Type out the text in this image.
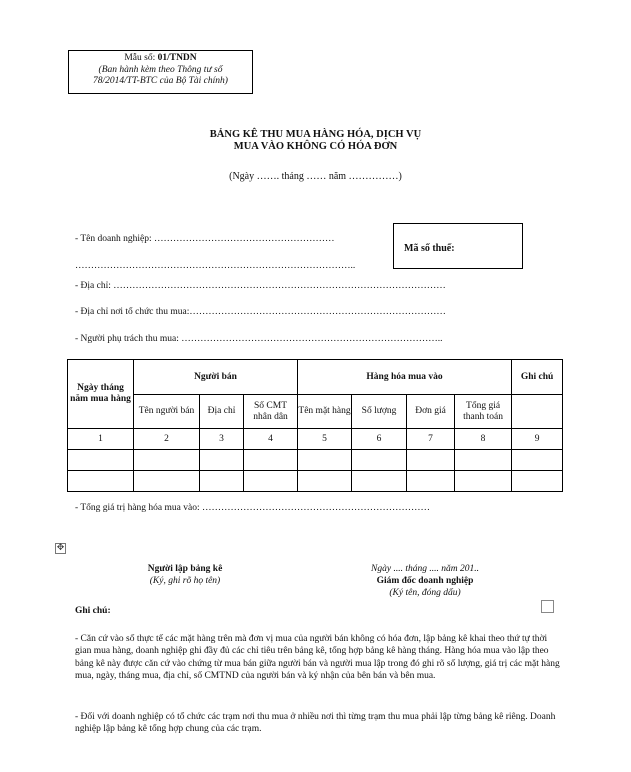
Mẫu số: 01/TNDN
(Ban hành kèm theo Thông tư số
78/2014/TT-BTC của Bộ Tài chính)
BẢNG KÊ THU MUA HÀNG HÓA, DỊCH VỤ
MUA VÀO KHÔNG CÓ HÓA ĐƠN
(Ngày ……. tháng …… năm ……………)
- Tên doanh nghiệp: …………………………………………………
……………………………………………………………………………..
Mã số thuế:
- Địa chỉ: ……………………………………………………………………………………………
- Địa chỉ nơi tổ chức thu mua:………………………………………………………………………
- Người phụ trách thu mua: ………………………………………………………………………..
Ngày tháng năm mua hàng	Người bán			Hàng hóa mua vào				Ghi chú
	Tên người bán	Địa chỉ	Số CMT nhân dân	Tên mặt hàng	Số lượng	Đơn giá	Tổng giá thanh toán	
1	2	3	4	5	6	7	8	9

- Tổng giá trị hàng hóa mua vào: ………………………………………………………………
✥
Người lập bảng kê
(Ký, ghi rõ họ tên)
Ngày .... tháng .... năm 201..
Giám đốc doanh nghiệp
(Ký tên, đóng dấu)
Ghi chú:
- Căn cứ vào số thực tế các mặt hàng trên mà đơn vị mua của người bán không có hóa đơn, lập bảng kê khai theo thứ tự thời gian mua hàng, doanh nghiệp ghi đầy đủ các chỉ tiêu trên bảng kê, tổng hợp bảng kê hàng tháng. Hàng hóa mua vào lập theo bảng kê này được căn cứ vào chứng từ mua bán giữa người bán và người mua lập trong đó ghi rõ số lượng, giá trị các mặt hàng mua, ngày, tháng mua, địa chỉ, số CMTND của người bán và ký nhận của bên bán và bên mua.
- Đối với doanh nghiệp có tổ chức các trạm nơi thu mua ở nhiều nơi thì từng trạm thu mua phải lập từng bảng kê riêng. Doanh nghiệp lập bảng kê tổng hợp chung của các trạm.
